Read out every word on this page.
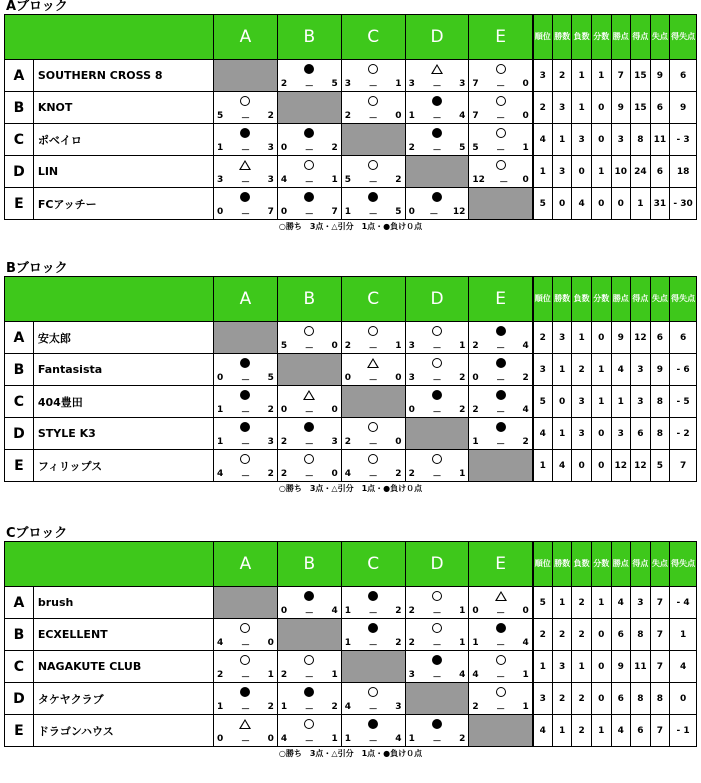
Aブロック
		A	B	C	D	E	順位	勝数	負数	分数	勝点	得点	失点	得失点
A	SOUTHERN CROSS 8		2 － 5	3 － 1	3 － 3	7 － 0	3	2	1	1	7	15	9	6
B	KNOT	5 － 2		2 － 0	1 － 4	7 － 0	2	3	1	0	9	15	6	9
C	ポベイロ	1 － 3	0 － 2		2 － 5	5 － 1	4	1	3	0	3	8	11	- 3
D	LIN	3 － 3	4 － 1	5 － 2		12 － 0	1	3	0	1	10	24	6	18
E	FCアッチー	0 － 7	0 － 7	1 － 5	0 － 12		5	0	4	0	0	1	31	- 30
○勝ち　3点・△引分　1点・●負け０点
Bブロック
		A	B	C	D	E	順位	勝数	負数	分数	勝点	得点	失点	得失点
A	安太郎		5 － 0	2 － 1	3 － 1	2 － 4	2	3	1	0	9	12	6	6
B	Fantasista	0 － 5		0 － 0	3 － 2	0 － 2	3	1	2	1	4	3	9	- 6
C	404豊田	1 － 2	0 － 0		0 － 2	2 － 4	5	0	3	1	1	3	8	- 5
D	STYLE K3	1 － 3	2 － 3	2 － 0		1 － 2	4	1	3	0	3	6	8	- 2
E	フィリップス	4 － 2	2 － 0	4 － 2	2 － 1		1	4	0	0	12	12	5	7
○勝ち　3点・△引分　1点・●負け０点
Cブロック
		A	B	C	D	E	順位	勝数	負数	分数	勝点	得点	失点	得失点
A	brush		0 － 4	1 － 2	2 － 1	0 － 0	5	1	2	1	4	3	7	- 4
B	ECXELLENT	4 － 0		1 － 2	2 － 1	1 － 4	2	2	2	0	6	8	7	1
C	NAGAKUTE CLUB	2 － 1	2 － 1		3 － 4	4 － 1	1	3	1	0	9	11	7	4
D	タケヤクラブ	1 － 2	1 － 2	4 － 3		2 － 1	3	2	2	0	6	8	8	0
E	ドラゴンハウス	0 － 0	4 － 1	1 － 4	1 － 2		4	1	2	1	4	6	7	- 1
○勝ち　3点・△引分　1点・●負け０点
